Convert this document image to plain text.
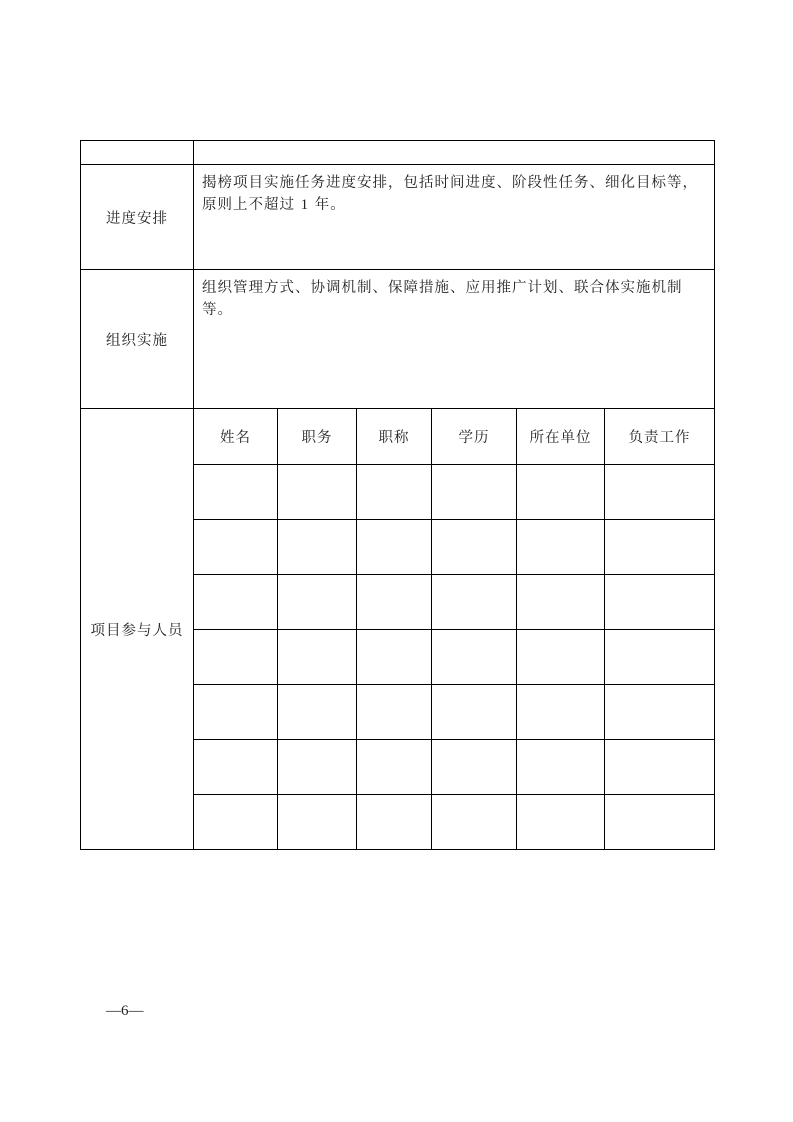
进度安排	揭榜项目实施任务进度安排，包括时间进度、阶段性任务、细化目标等，

原则上不超过 1 年。					

组织实施	组织管理方式、协调机制、保障措施、应用推广计划、联合体实施机制等。					

项目参与人员	姓名	职务	职称	学历	所在单位	负责工作

—6—
